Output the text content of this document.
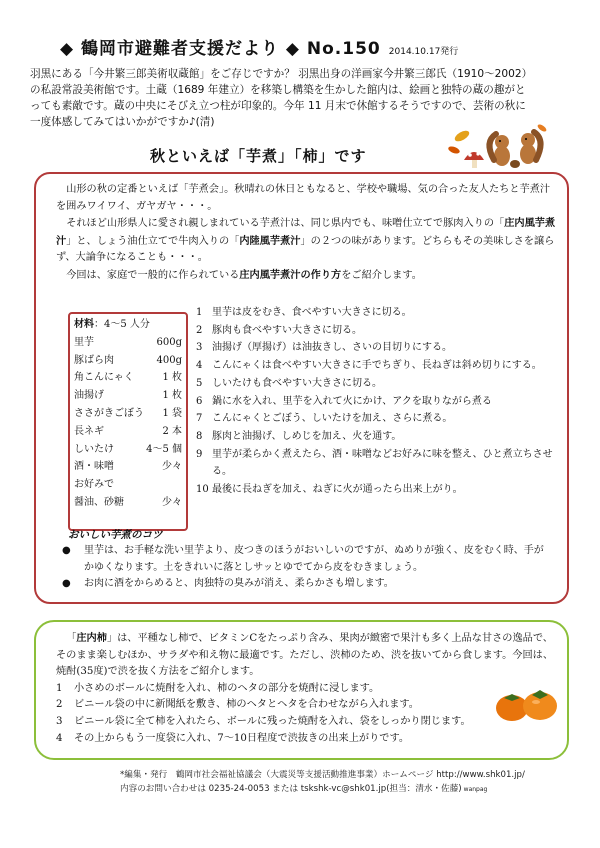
◆ 鶴岡市避難者支援だより ◆ No.150 2014.10.17発行
羽黒にある「今井繁三郎美術収蔵館」をご存じですか？ 羽黒出身の洋画家今井繁三郎氏（1910～2002）
の私設常設美術館です。土蔵（1689 年建立）を移築し構築を生かした館内は、絵画と独特の蔵の趣がと
っても素敵です。蔵の中央にそびえ立つ柱が印象的。今年 11 月末で休館するそうですので、芸術の秋に
一度体感してみてはいかがですか♪(清)
秋といえば「芋煮」「柿」です

山形の秋の定番といえば「芋煮会」。秋晴れの休日ともなると、学校や職場、気の合った友人たちと芋煮汁を囲みワイワイ、ガヤガヤ・・・。

それほど山形県人に愛され親しまれている芋煮汁は、同じ県内でも、味噌仕立てで豚肉入りの「庄内風芋煮汁」と、しょう油仕立てで牛肉入りの「内陸風芋煮汁」の２つの味があります。どちらもその美味しさを譲らず、大論争になることも・・・。

今回は、家庭で一般的に作られている庄内風芋煮汁の作り方をご紹介します。

材料：4～5 人分
里芋	600g
豚ばら肉	400g
角こんにゃく	1 枚
油揚げ	1 枚
ささがきごぼう 1 袋
長ネギ	2 本
しいたけ	4～5 個
酒・味噌	少々
お好みで
醤油、砂糖	少々
1 里芋は皮をむき、食べやすい大きさに切る。
2 豚肉も食べやすい大きさに切る。
3 油揚げ（厚揚げ）は油抜きし、さいの目切りにする。
4 こんにゃくは食べやすい大きさに手でちぎり、長ねぎは斜め切りにする。
5 しいたけも食べやすい大きさに切る。
6 鍋に水を入れ、里芋を入れて火にかけ、アクを取りながら煮る
7 こんにゃくとごぼう、しいたけを加え、さらに煮る。
8 豚肉と油揚げ、しめじを加え、火を通す。
9 里芋が柔らかく煮えたら、酒・味噌などお好みに味を整え、ひと煮立ちさせる。
10 最後に長ねぎを加え、ねぎに火が通ったら出来上がり。
おいしい芋煮のコツ
●	里芋は、お手軽な洗い里芋より、皮つきのほうがおいしいのですが、ぬめりが強く、皮をむく時、手がかゆくなります。土をきれいに落としサッとゆでてから皮をむきましょう。
●	お肉に酒をからめると、肉独特の臭みが消え、柔らかさも増します。
「庄内柿」は、平種なし柿で、ビタミンCをたっぷり含み、果肉が緻密で果汁も多く上品な甘さの逸品で、そのまま楽しむほか、サラダや和え物に最適です。ただし、渋柿のため、渋を抜いてから食します。今回は、焼酎(35度)で渋を抜く方法をご紹介します。
1	小さめのボールに焼酎を入れ、柿のヘタの部分を焼酎に浸します。
2	ビニール袋の中に新聞紙を敷き、柿のヘタとヘタを合わせながら入れます。
3	ビニール袋に全て柿を入れたら、ボールに残った焼酎を入れ、袋をしっかり閉じます。
4	その上からもう一度袋に入れ、7～10日程度で渋抜きの出来上がりです。
*編集・発行　鶴岡市社会福祉協議会（大震災等支援活動推進事業）ホームページ http://www.shk01.jp/
内容のお問い合わせは 0235-24-0053 または tskshk-vc@shk01.jp(担当：清水・佐藤) wanpag
